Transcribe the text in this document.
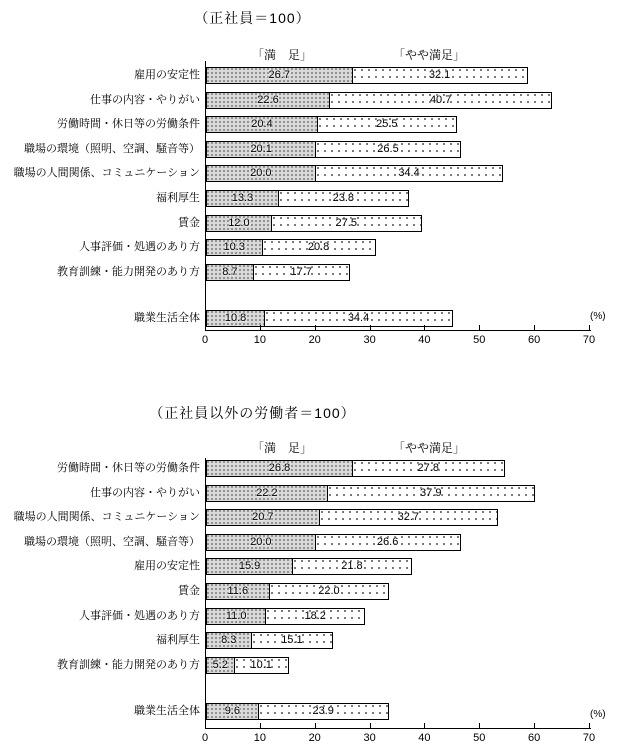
（正社員＝100）
「満　足」	「やや満足」
雇用の安定性
仕事の内容・やりがい
労働時間・休日等の労働条件
職場の環境（照明、空調、騒音等）
職場の人間関係、コミュニケーション
福利厚生
賃金
人事評価・処遇のあり方
教育訓練・能力開発のあり方
職業生活全体
26.7	32.1
22.6	40.7
20.4	25.5
20.1	26.5
20.0	34.4
13.3	23.8
12.0	27.5
10.3	20.8
8.7	17.7
10.8	34.4
0	10	20	30	40	50	60	70
(%)
（正社員以外の労働者＝100）
「満　足」	「やや満足」
労働時間・休日等の労働条件
仕事の内容・やりがい
職場の人間関係、コミュニケーション
職場の環境（照明、空調、騒音等）
雇用の安定性
賃金
人事評価・処遇のあり方
福利厚生
教育訓練・能力開発のあり方
職業生活全体
26.8	27.8
22.2	37.9
20.7	32.7
20.0	26.6
15.9	21.8
11.6	22.0
11.0	18.2
8.3	15.1
5.2	10.1
9.6	23.9
0	10	20	30	40	50	60	70
(%)
